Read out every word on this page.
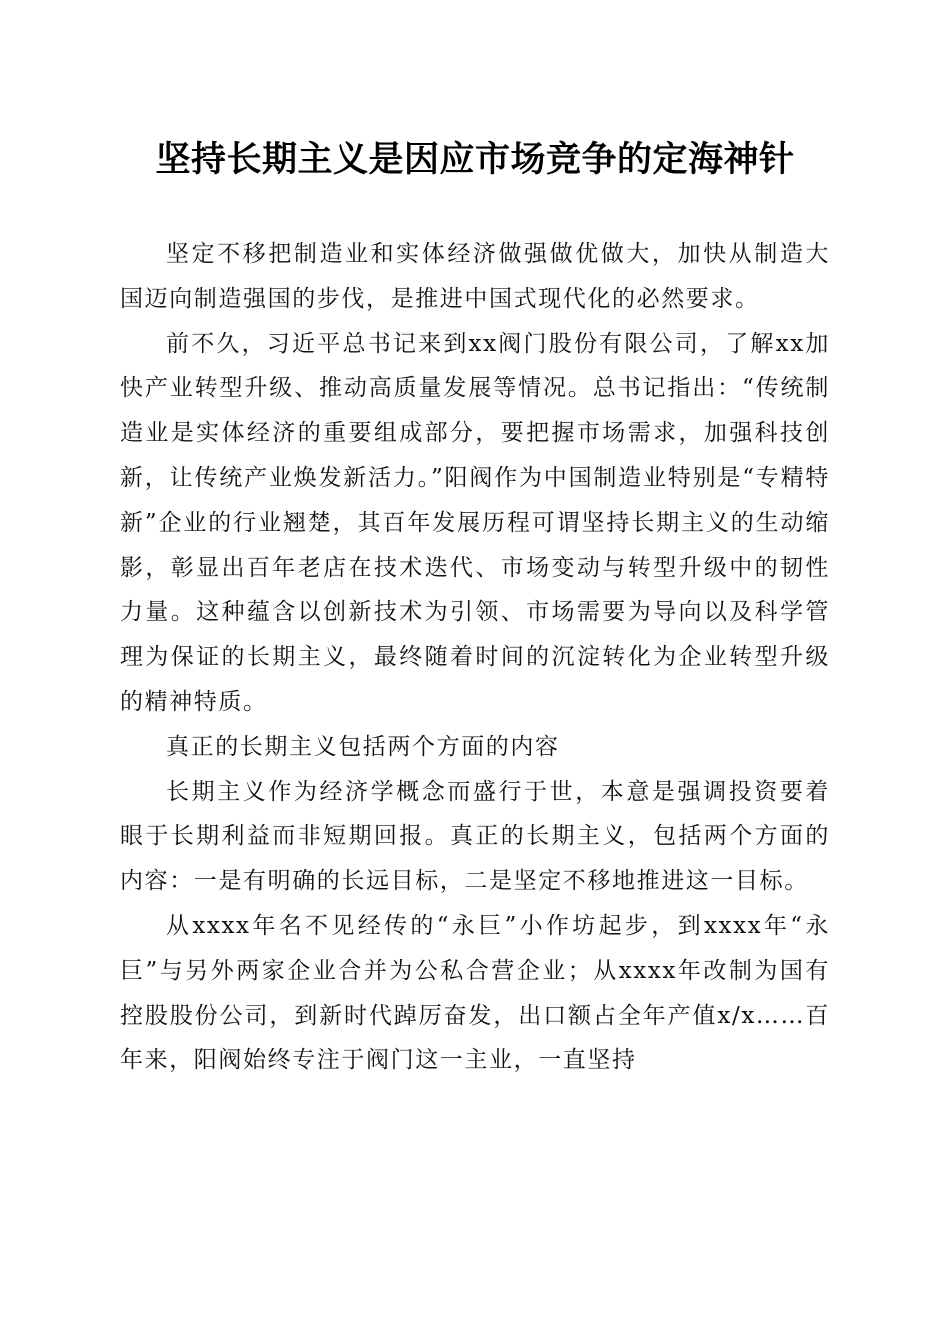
坚持长期主义是因应市场竞争的定海神针

坚定不移把制造业和实体经济做强做优做大，加快从制造大国迈向制造强国的步伐，是推进中国式现代化的必然要求。

前不久，习近平总书记来到xx阀门股份有限公司，了解xx加快产业转型升级、推动高质量发展等情况。总书记指出：“传统制造业是实体经济的重要组成部分，要把握市场需求，加强科技创新，让传统产业焕发新活力。”阳阀作为中国制造业特别是“专精特新”企业的行业翘楚，其百年发展历程可谓坚持长期主义的生动缩影，彰显出百年老店在技术迭代、市场变动与转型升级中的韧性力量。这种蕴含以创新技术为引领、市场需要为导向以及科学管理为保证的长期主义，最终随着时间的沉淀转化为企业转型升级的精神特质。

真正的长期主义包括两个方面的内容

长期主义作为经济学概念而盛行于世，本意是强调投资要着眼于长期利益而非短期回报。真正的长期主义，包括两个方面的内容：一是有明确的长远目标，二是坚定不移地推进这一目标。

从xxxx年名不见经传的“永巨”小作坊起步，到xxxx年“永巨”与另外两家企业合并为公私合营企业；从xxxx年改制为国有控股股份公司，到新时代踔厉奋发，出口额占全年产值x/x……百年来，阳阀始终专注于阀门这一主业，一直坚持
